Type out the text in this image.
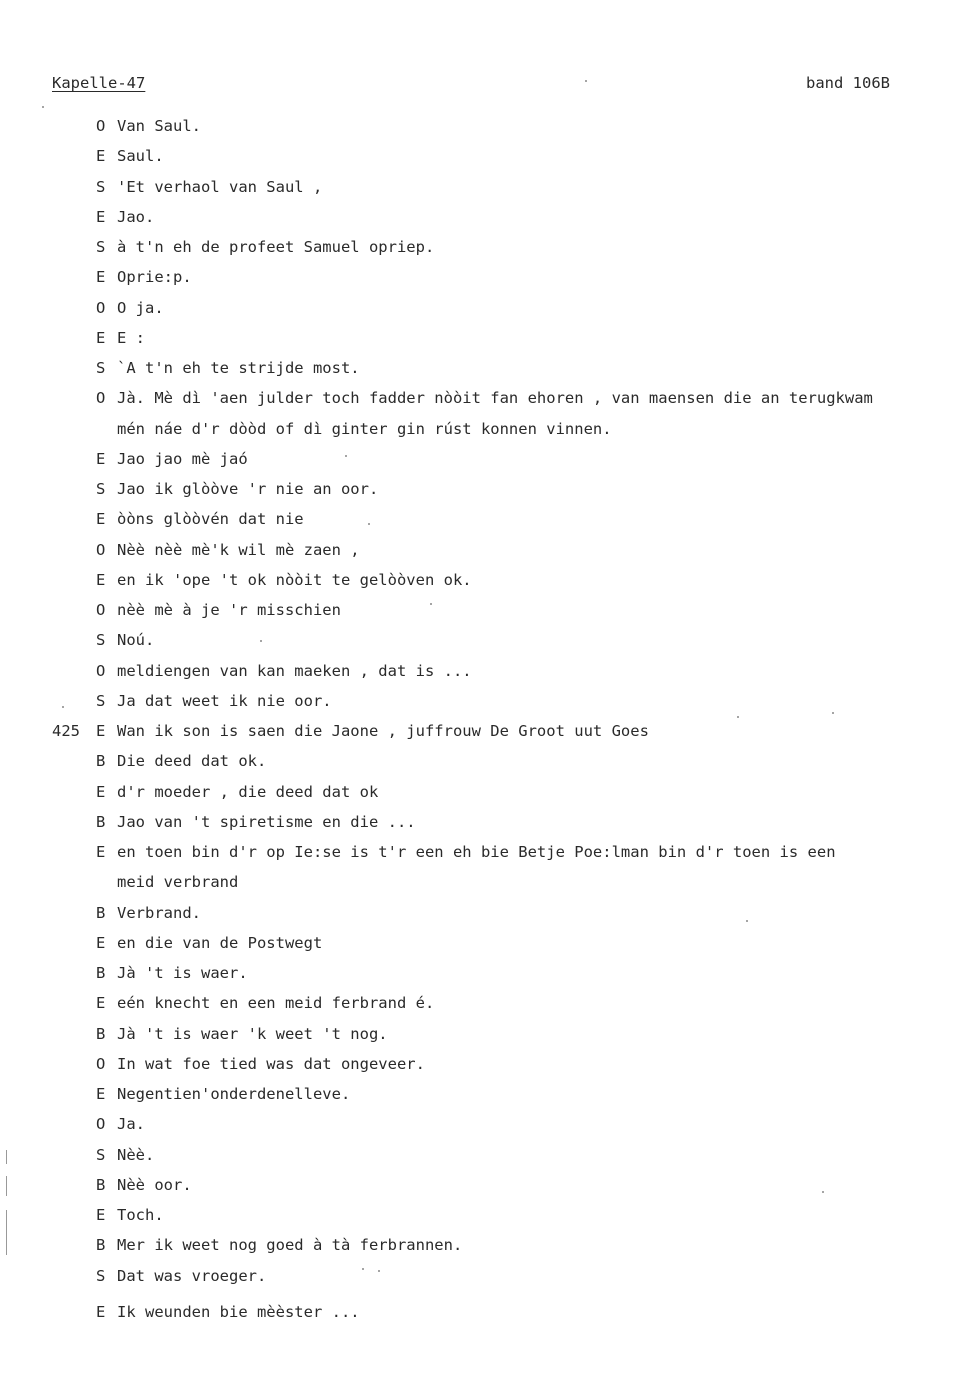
Kapelle-47	band 106B
O Van Saul.
E Saul.
S 'Et verhaol van Saul ,
E Jao.
S à t'n eh de profeet Samuel opriep.
E Oprie:p.
O O ja.
E E :
S `A t'n eh te strijde most.
O Jà. Mè dì 'aen julder toch fadder nòòit fan ehoren , van maensen die an terugkwam
mén náe d'r dòòd of dì ginter gin rúst konnen vinnen.
E Jao jao mè jaó
S Jao ik glòòve 'r nie an oor.
E òòns glòòvén dat nie
O Nèè nèè mè'k wil mè zaen ,
E en ik 'ope 't ok nòòit te gelòòven ok.
O nèè mè à je 'r misschien
S Noú.
O meldiengen van kan maeken , dat is ...
S Ja dat weet ik nie oor.
425 E Wan ik son is saen die Jaone , juffrouw De Groot uut Goes
B Die deed dat ok.
E d'r moeder , die deed dat ok
B Jao van 't spiretisme en die ...
E en toen bin d'r op Ie:se is t'r een eh bie Betje Poe:lman bin d'r toen is een
meid verbrand
B Verbrand.
E en die van de Postwegt
B Jà 't is waer.
E eén knecht en een meid ferbrand é.
B Jà 't is waer 'k weet 't nog.
O In wat foe tied was dat ongeveer.
E Negentien'onderdenelleve.
O Ja.
S Nèè.
B Nèè oor.
E Toch.
B Mer ik weet nog goed à tà ferbrannen.
S Dat was vroeger.
E Ik weunden bie mèèster ...
